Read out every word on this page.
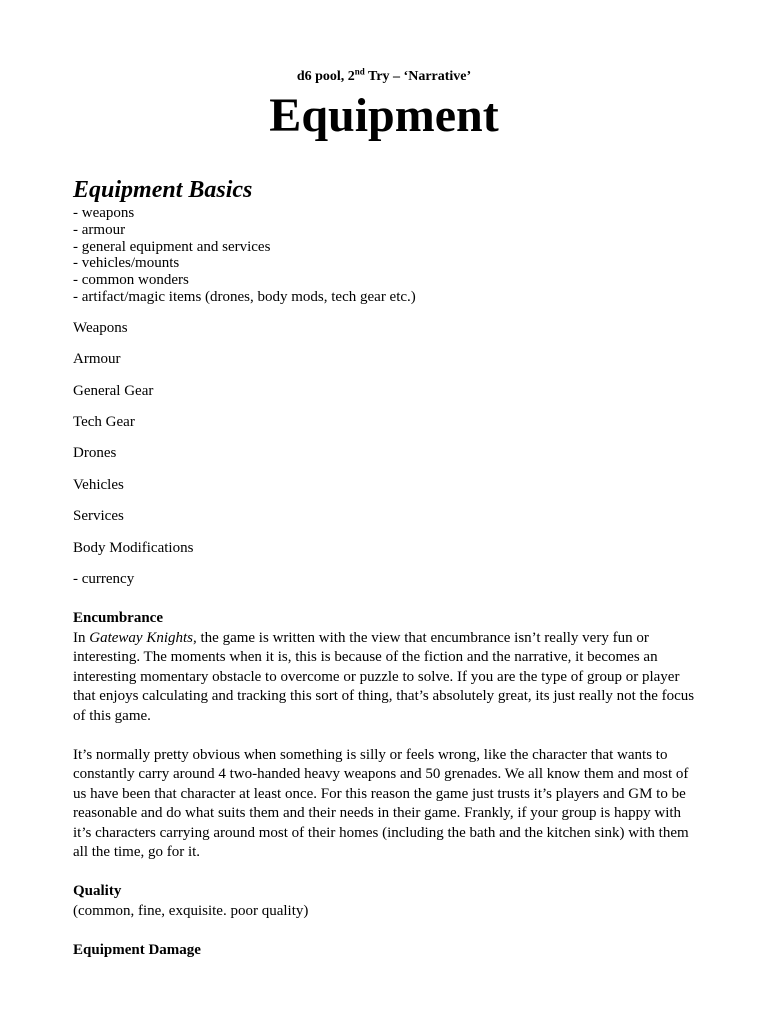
d6 pool, 2nd Try – ‘Narrative’
Equipment
Equipment Basics
- weapons
- armour
- general equipment and services
- vehicles/mounts
- common wonders
- artifact/magic items (drones, body mods, tech gear etc.)

Weapons

Armour

General Gear

Tech Gear

Drones

Vehicles

Services

Body Modifications

- currency

Encumbrance

In Gateway Knights, the game is written with the view that encumbrance isn’t really very fun or interesting. The moments when it is, this is because of the fiction and the narrative, it becomes an interesting momentary obstacle to overcome or puzzle to solve. If you are the type of group or player that enjoys calculating and tracking this sort of thing, that’s absolutely great, its just really not the focus of this game.

It’s normally pretty obvious when something is silly or feels wrong, like the character that wants to constantly carry around 4 two-handed heavy weapons and 50 grenades. We all know them and most of us have been that character at least once. For this reason the game just trusts it’s players and GM to be reasonable and do what suits them and their needs in their game. Frankly, if your group is happy with it’s characters carrying around most of their homes (including the bath and the kitchen sink) with them all the time, go for it.

Quality

(common, fine, exquisite. poor quality)

Equipment Damage
